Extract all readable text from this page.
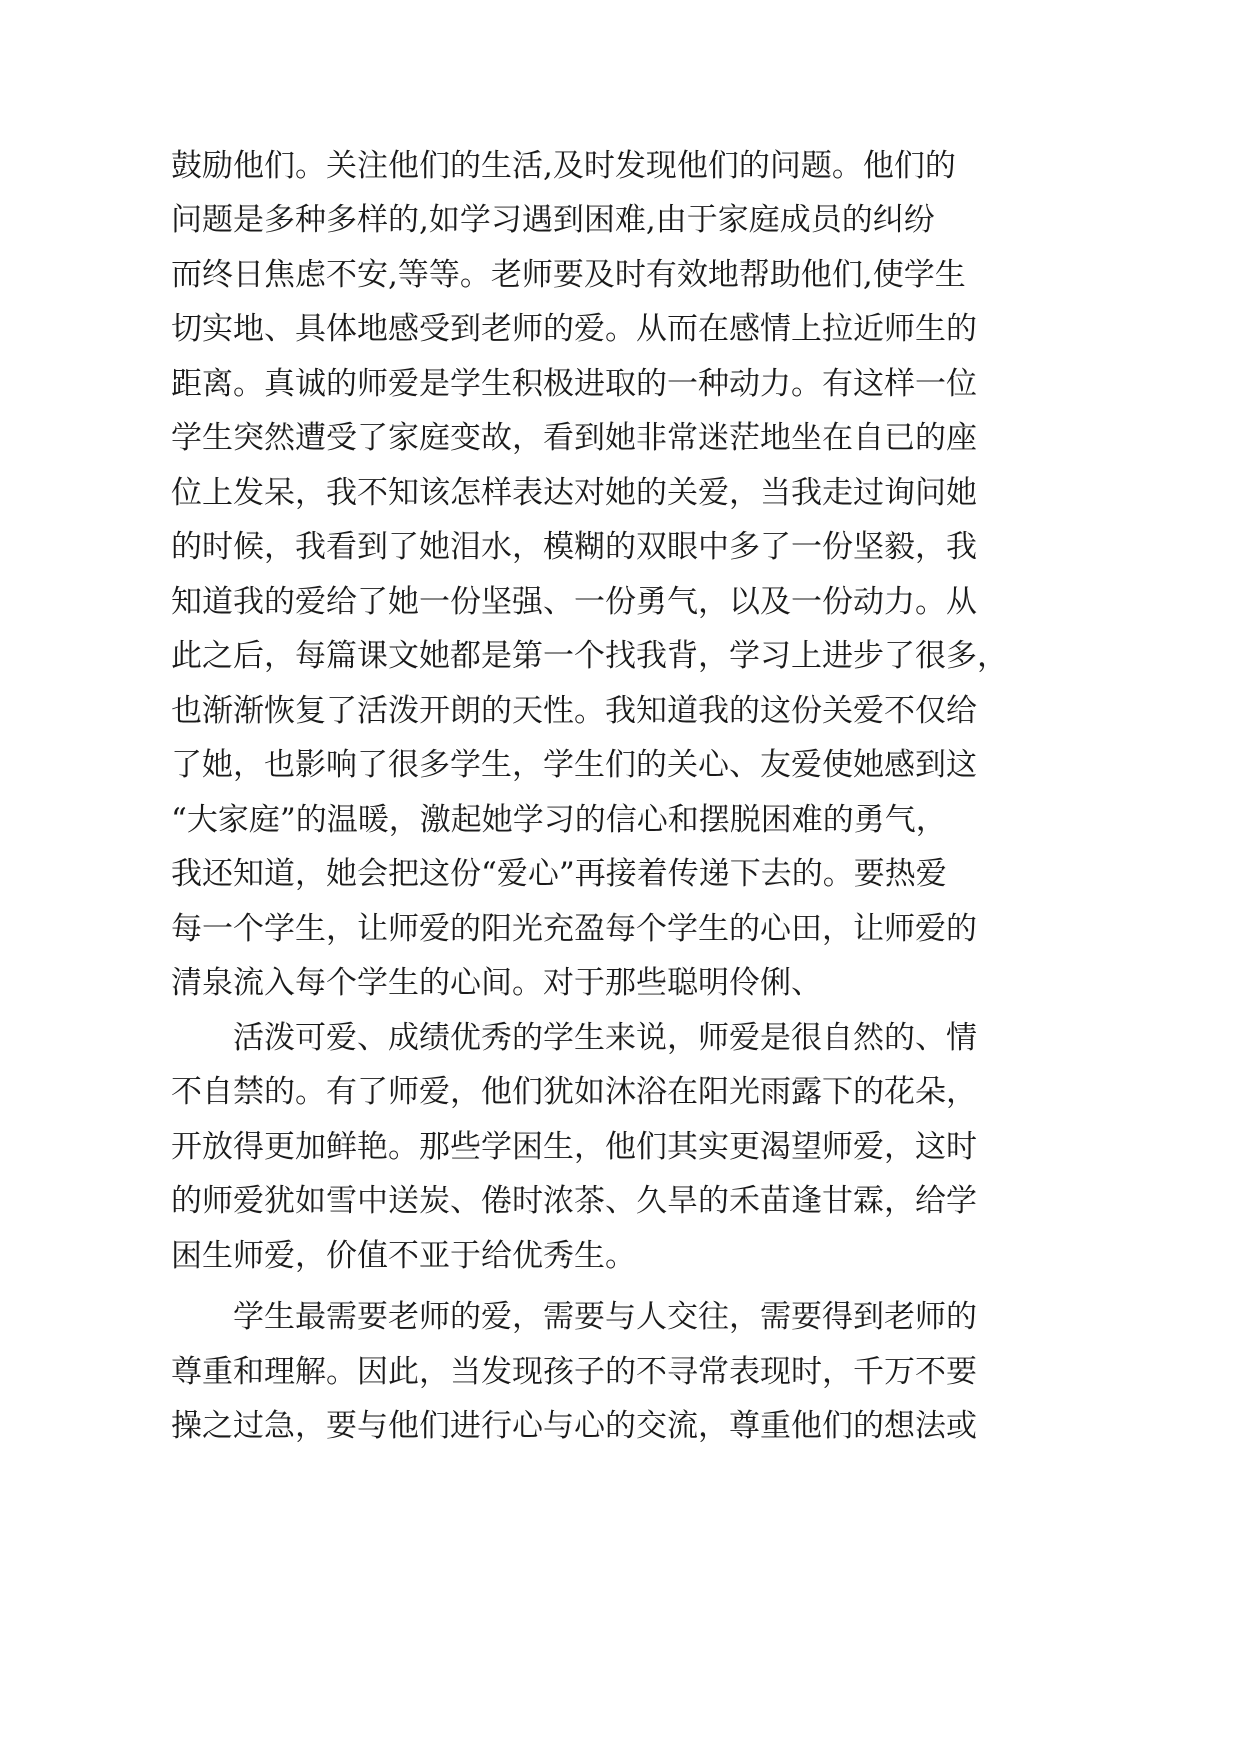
鼓励他们。关注他们的生活,及时发现他们的问题。他们的
问题是多种多样的,如学习遇到困难,由于家庭成员的纠纷
而终日焦虑不安,等等。老师要及时有效地帮助他们,使学生
切实地、具体地感受到老师的爱。从而在感情上拉近师生的
距离。真诚的师爱是学生积极进取的一种动力。有这样一位
学生突然遭受了家庭变故，看到她非常迷茫地坐在自已的座
位上发呆，我不知该怎样表达对她的关爱，当我走过询问她
的时候，我看到了她泪水，模糊的双眼中多了一份坚毅，我
知道我的爱给了她一份坚强、一份勇气，以及一份动力。从
此之后，每篇课文她都是第一个找我背，学习上进步了很多，
也渐渐恢复了活泼开朗的天性。我知道我的这份关爱不仅给
了她，也影响了很多学生，学生们的关心、友爱使她感到这
“大家庭”的温暖，激起她学习的信心和摆脱困难的勇气，
我还知道，她会把这份“爱心”再接着传递下去的。要热爱
每一个学生，让师爱的阳光充盈每个学生的心田，让师爱的
清泉流入每个学生的心间。对于那些聪明伶俐、
活泼可爱、成绩优秀的学生来说，师爱是很自然的、情
不自禁的。有了师爱，他们犹如沐浴在阳光雨露下的花朵，
开放得更加鲜艳。那些学困生，他们其实更渴望师爱，这时
的师爱犹如雪中送炭、倦时浓茶、久旱的禾苗逢甘霖，给学
困生师爱，价值不亚于给优秀生。
学生最需要老师的爱，需要与人交往，需要得到老师的
尊重和理解。因此，当发现孩子的不寻常表现时，千万不要
操之过急，要与他们进行心与心的交流，尊重他们的想法或
